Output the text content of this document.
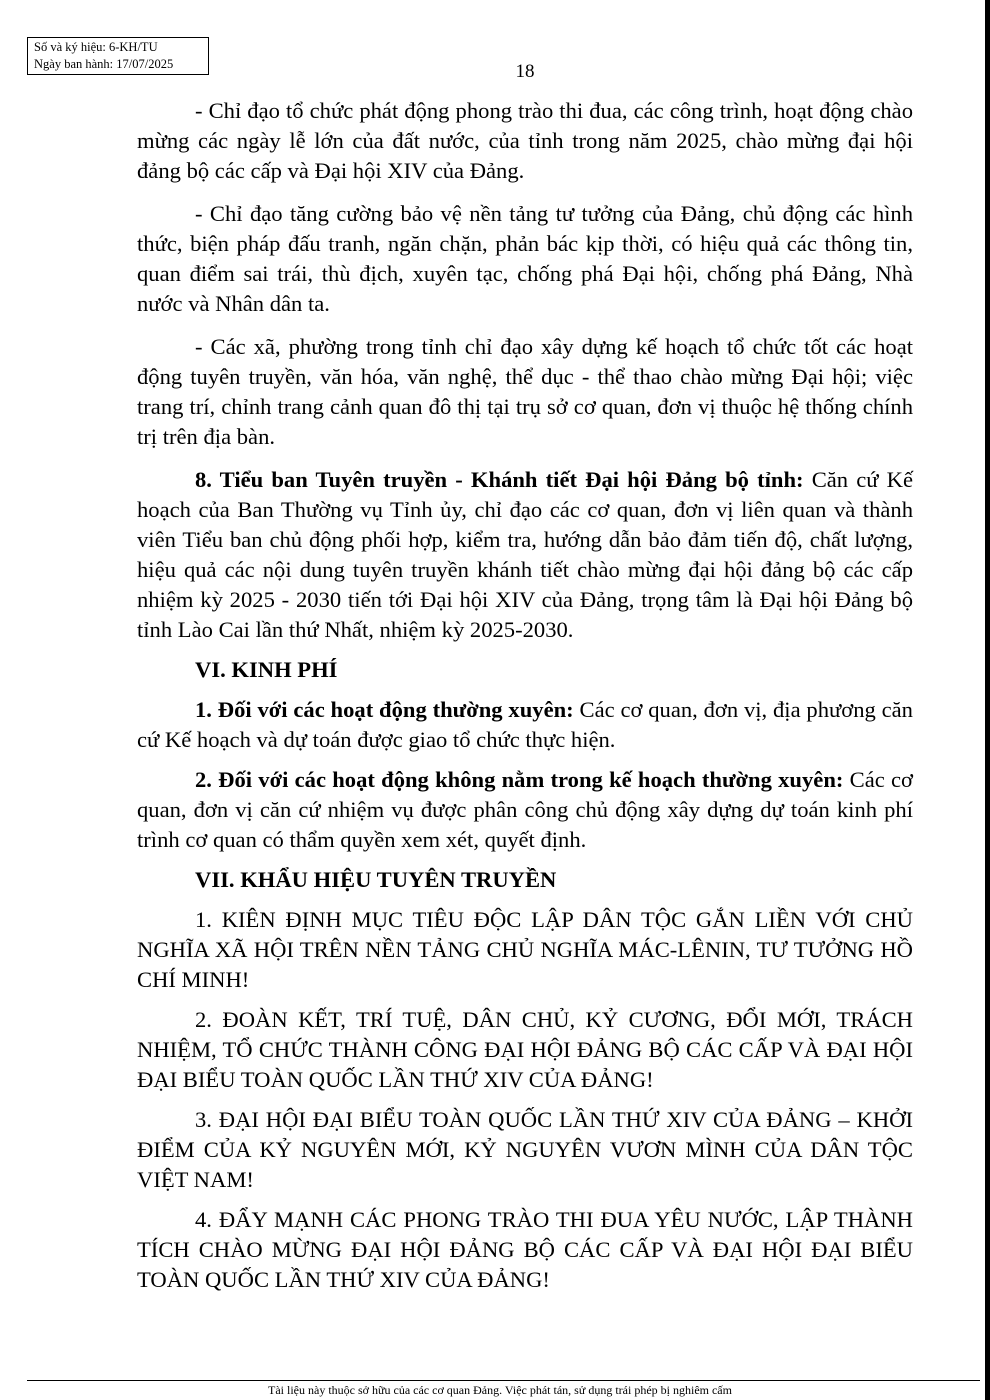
Số và ký hiệu: 6-KH/TU
Ngày ban hành: 17/07/2025	18

- Chỉ đạo tổ chức phát động phong trào thi đua, các công trình, hoạt động chào mừng các ngày lễ lớn của đất nước, của tỉnh trong năm 2025, chào mừng đại hội đảng bộ các cấp và Đại hội XIV của Đảng.

- Chỉ đạo tăng cường bảo vệ nền tảng tư tưởng của Đảng, chủ động các hình thức, biện pháp đấu tranh, ngăn chặn, phản bác kịp thời, có hiệu quả các thông tin, quan điểm sai trái, thù địch, xuyên tạc, chống phá Đại hội, chống phá Đảng, Nhà nước và Nhân dân ta.

- Các xã, phường trong tỉnh chỉ đạo xây dựng kế hoạch tổ chức tốt các hoạt động tuyên truyền, văn hóa, văn nghệ, thể dục - thể thao chào mừng Đại hội; việc trang trí, chỉnh trang cảnh quan đô thị tại trụ sở cơ quan, đơn vị thuộc hệ thống chính trị trên địa bàn.

8. Tiểu ban Tuyên truyền - Khánh tiết Đại hội Đảng bộ tỉnh: Căn cứ Kế hoạch của Ban Thường vụ Tỉnh ủy, chỉ đạo các cơ quan, đơn vị liên quan và thành viên Tiểu ban chủ động phối hợp, kiểm tra, hướng dẫn bảo đảm tiến độ, chất lượng, hiệu quả các nội dung tuyên truyền khánh tiết chào mừng đại hội đảng bộ các cấp nhiệm kỳ 2025 - 2030 tiến tới Đại hội XIV của Đảng, trọng tâm là Đại hội Đảng bộ tỉnh Lào Cai lần thứ Nhất, nhiệm kỳ 2025-2030.

VI. KINH PHÍ

1. Đối với các hoạt động thường xuyên: Các cơ quan, đơn vị, địa phương căn cứ Kế hoạch và dự toán được giao tổ chức thực hiện.

2. Đối với các hoạt động không nằm trong kế hoạch thường xuyên: Các cơ quan, đơn vị căn cứ nhiệm vụ được phân công chủ động xây dựng dự toán kinh phí trình cơ quan có thẩm quyền xem xét, quyết định.

VII. KHẨU HIỆU TUYÊN TRUYỀN

1. KIÊN ĐỊNH MỤC TIÊU ĐỘC LẬP DÂN TỘC GẮN LIỀN VỚI CHỦ NGHĨA XÃ HỘI TRÊN NỀN TẢNG CHỦ NGHĨA MÁC-LÊNIN, TƯ TƯỞNG HỒ CHÍ MINH!

2. ĐOÀN KẾT, TRÍ TUỆ, DÂN CHỦ, KỶ CƯƠNG, ĐỔI MỚI, TRÁCH NHIỆM, TỔ CHỨC THÀNH CÔNG ĐẠI HỘI ĐẢNG BỘ CÁC CẤP VÀ ĐẠI HỘI ĐẠI BIỂU TOÀN QUỐC LẦN THỨ XIV CỦA ĐẢNG!

3. ĐẠI HỘI ĐẠI BIỂU TOÀN QUỐC LẦN THỨ XIV CỦA ĐẢNG – KHỞI ĐIỂM CỦA KỶ NGUYÊN MỚI, KỶ NGUYÊN VƯƠN MÌNH CỦA DÂN TỘC VIỆT NAM!

4. ĐẨY MẠNH CÁC PHONG TRÀO THI ĐUA YÊU NƯỚC, LẬP THÀNH TÍCH CHÀO MỪNG ĐẠI HỘI ĐẢNG BỘ CÁC CẤP VÀ ĐẠI HỘI ĐẠI BIỂU TOÀN QUỐC LẦN THỨ XIV CỦA ĐẢNG!

Tài liệu này thuộc sở hữu của các cơ quan Đảng. Việc phát tán, sử dụng trái phép bị nghiêm cấm
